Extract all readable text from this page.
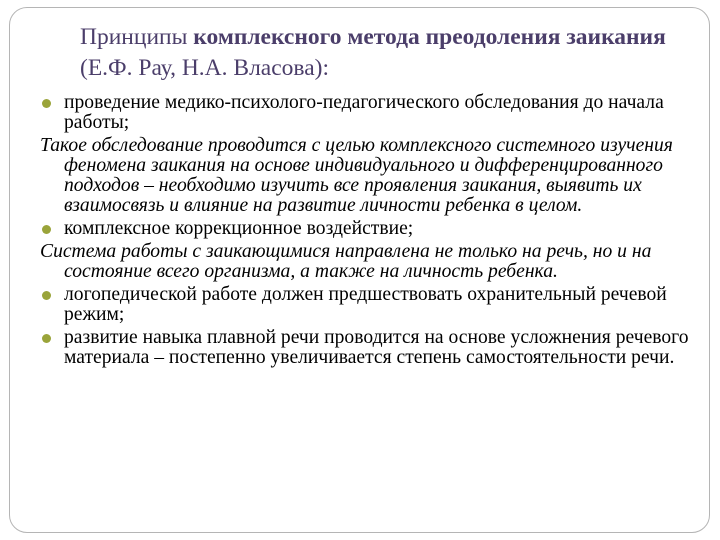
Принципы комплексного метода преодоления заикания (Е.Ф. Рау, Н.А. Власова):
проведение медико-психолого-педагогического обследования до начала работы;
Такое обследование проводится с целью комплексного системного изучения феномена заикания на основе индивидуального и дифференцированного подходов – необходимо изучить все проявления заикания, выявить их взаимосвязь и влияние на развитие личности ребенка в целом.
комплексное коррекционное воздействие;
Система работы с заикающимися направлена не только на речь, но и на состояние всего организма, а также на личность ребенка.
логопедической работе должен предшествовать охранительный речевой режим;
развитие навыка плавной речи проводится на основе усложнения речевого материала – постепенно увеличивается степень самостоятельности речи.
